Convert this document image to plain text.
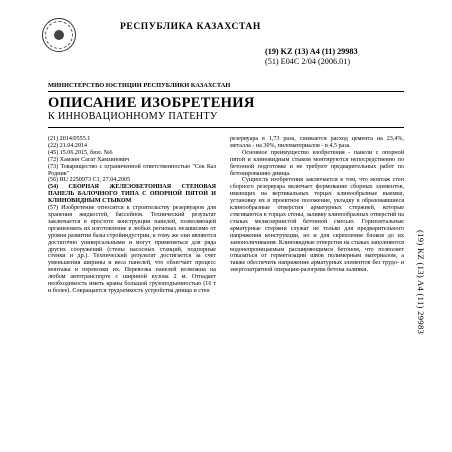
РЕСПУБЛИКА КАЗАХСТАН
(19) KZ (13) A4 (11) 29983
(51) E04C 2/04 (2006.01)
МИНИСТЕРСТВО ЮСТИЦИИ РЕСПУБЛИКИ КАЗАХСТАН
ОПИСАНИЕ ИЗОБРЕТЕНИЯ
К ИННОВАЦИОННОМУ ПАТЕНТУ

(21) 2014/0555.1

(22) 21.04.2014

(45) 15.06.2015, бюл. №6

(72) Хамзин Сагат Хамзинович

(73) Товарищество с ограниченной ответственностью "Сек Каз Родник"

(56) RU 2250973 C1, 27.04.2005

(54) СБОРНАЯ ЖЕЛЕЗОБЕТОННАЯ СТЕНОВАЯ ПАНЕЛЬ БАЛОЧНОГО ТИПА С ОПОРНОЙ ПЯТОЙ И КЛИНОВИДНЫМ СТЫКОМ

(57) Изобретение относится к строительству резервуаров для хранения жидкостей, бассейнов. Технический результат заключается в простоте конструкции панелей, позволяющей организовать их изготовление в любых регионах независимо от уровня развития базы стройиндустрии, к тому же они являются достаточно универсальными и могут применяться для ряда других сооружений (стены насосных станций, подпорные стенки и др.). Технический результат достигается за счет уменьшения ширины и веса панелей, что облегчает процесс монтажа и перевозки их. Перевозка панелей возможна на любом автотранспорте с шириной кузова 2 м. Отпадает необходимость иметь краны большой грузоподъемностью (16 т и более). Сокращается трудоемкость устройства днища и стен

резервуара в 1,73 раза, снижается расход цемента на 23,4%, металла - на 30%, пиломатериалов - в 4,5 раза.

Основное преимущество изобретения - панели с опорной пятой и клиновидным стыком монтируются непосредственно по бетонной подготовке и не требуют предварительных работ по бетонированию днища.

Сущность изобретения заключается в том, что монтаж стен сборного резервуара включает формование сборных элементов, имеющих на вертикальных торцах клинообразные выемки, установку их в проектное положение, укладку в образовавшиеся клинообразные отверстия арматурных стержней, которые стягиваются в торцах стены, заливку клинообразных отверстий на стыках мелкозернистой бетонной смесью. Горизонтальные арматурные стержни служат не только для предварительного напряжения конструкции, но и для скрепления блоков до их замоноличивания. Клиновидные отверстия на стыках заполняются водонепроницаемым расширяющимся бетоном, что позволяет отказаться от герметизации швов полимерным материалом, а также обеспечить напряжение арматурных элементов без трудо- и энергозатратной операции-разогрева бетона заливки.	(19) KZ (13) A4 (11) 29983
